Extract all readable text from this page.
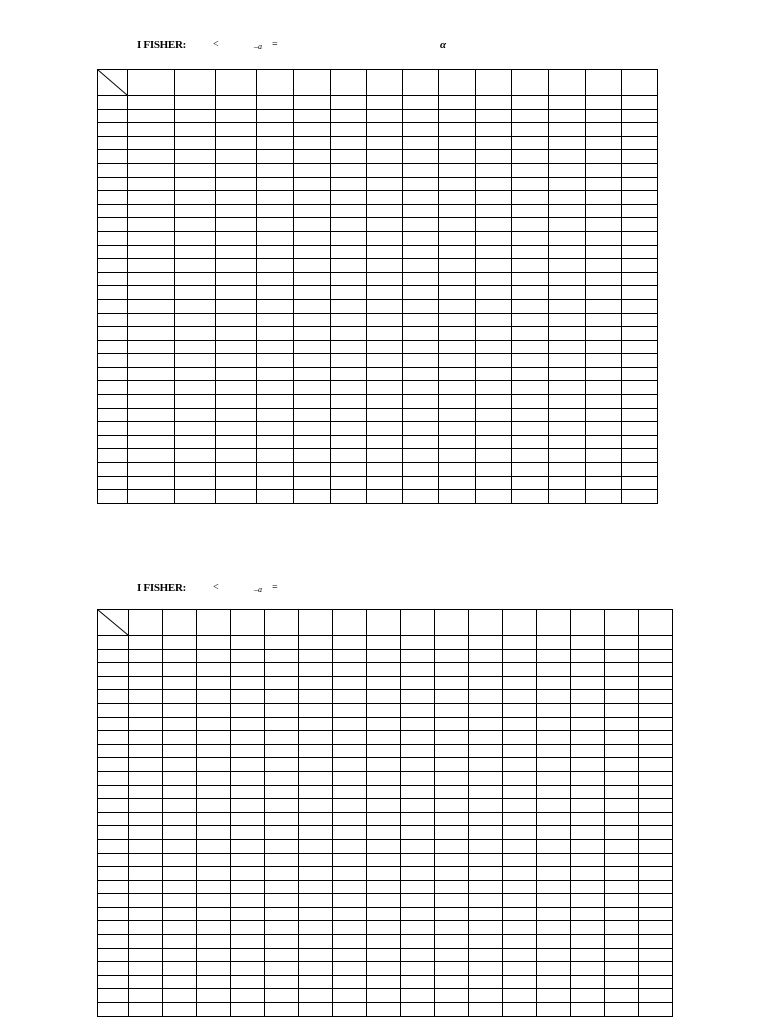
I FISHER:	<	–a =	α

I FISHER:	<	–a =
